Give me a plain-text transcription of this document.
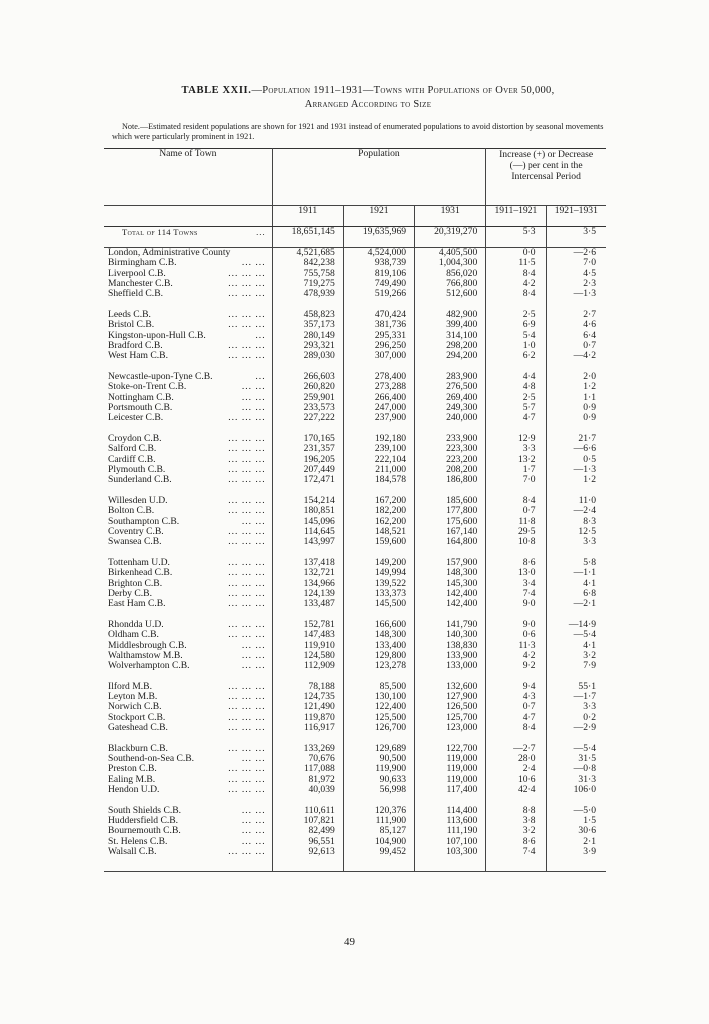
TABLE XXII.—Population 1911–1931—Towns with Populations of Over 50,000,
Arranged According to Size
Note.—Estimated resident populations are shown for 1921 and 1931 instead of enumerated populations to avoid distortion by seasonal movements which were particularly prominent in 1921.
Name of Town	Population			Increase (+) or Decrease (—) per cent in the Intercensal Period	
	1911	1921	1931	1911–1921	1921–1931

Total of 114 Towns ...	18,651,145	19,635,969	20,319,270	5·3	3·5

London, Administrative County	4,521,685	4,524,000	4,405,500	0·0	—2·6

Birmingham C.B. ... ...	842,238	938,739	1,004,300	11·5	7·0

Liverpool C.B. ... ... ...	755,758	819,106	856,020	8·4	4·5

Manchester C.B. ... ... ...	719,275	749,490	766,800	4·2	2·3

Sheffield C.B. ... ... ...	478,939	519,266	512,600	8·4	—1·3

Leeds C.B. ... ... ...	458,823	470,424	482,900	2·5	2·7

Bristol C.B. ... ... ...	357,173	381,736	399,400	6·9	4·6

Kingston-upon-Hull C.B. ...	280,149	295,331	314,100	5·4	6·4

Bradford C.B. ... ... ...	293,321	296,250	298,200	1·0	0·7

West Ham C.B. ... ... ...	289,030	307,000	294,200	6·2	—4·2

Newcastle-upon-Tyne C.B. ...	266,603	278,400	283,900	4·4	2·0

Stoke-on-Trent C.B. ... ...	260,820	273,288	276,500	4·8	1·2

Nottingham C.B. ... ...	259,901	266,400	269,400	2·5	1·1

Portsmouth C.B. ... ...	233,573	247,000	249,300	5·7	0·9

Leicester C.B. ... ... ...	227,222	237,900	240,000	4·7	0·9

Croydon C.B. ... ... ...	170,165	192,180	233,900	12·9	21·7

Salford C.B. ... ... ...	231,357	239,100	223,300	3·3	—6·6

Cardiff C.B. ... ... ...	196,205	222,104	223,200	13·2	0·5

Plymouth C.B. ... ... ...	207,449	211,000	208,200	1·7	—1·3

Sunderland C.B. ... ... ...	172,471	184,578	186,800	7·0	1·2

Willesden U.D. ... ... ...	154,214	167,200	185,600	8·4	11·0

Bolton C.B. ... ... ...	180,851	182,200	177,800	0·7	—2·4

Southampton C.B. ... ...	145,096	162,200	175,600	11·8	8·3

Coventry C.B. ... ... ...	114,645	148,521	167,140	29·5	12·5

Swansea C.B. ... ... ...	143,997	159,600	164,800	10·8	3·3

Tottenham U.D. ... ... ...	137,418	149,200	157,900	8·6	5·8

Birkenhead C.B. ... ... ...	132,721	149,994	148,300	13·0	—1·1

Brighton C.B. ... ... ...	134,966	139,522	145,300	3·4	4·1

Derby C.B. ... ... ...	124,139	133,373	142,400	7·4	6·8

East Ham C.B. ... ... ...	133,487	145,500	142,400	9·0	—2·1

Rhondda U.D. ... ... ...	152,781	166,600	141,790	9·0	—14·9

Oldham C.B. ... ... ...	147,483	148,300	140,300	0·6	—5·4

Middlesbrough C.B. ... ...	119,910	133,400	138,830	11·3	4·1

Walthamstow M.B. ... ...	124,580	129,800	133,900	4·2	3·2

Wolverhampton C.B. ... ...	112,909	123,278	133,000	9·2	7·9

Ilford M.B. ... ... ...	78,188	85,500	132,600	9·4	55·1

Leyton M.B. ... ... ...	124,735	130,100	127,900	4·3	—1·7

Norwich C.B. ... ... ...	121,490	122,400	126,500	0·7	3·3

Stockport C.B. ... ... ...	119,870	125,500	125,700	4·7	0·2

Gateshead C.B. ... ... ...	116,917	126,700	123,000	8·4	—2·9

Blackburn C.B. ... ... ...	133,269	129,689	122,700	—2·7	—5·4

Southend-on-Sea C.B. ... ...	70,676	90,500	119,000	28·0	31·5

Preston C.B. ... ... ...	117,088	119,900	119,000	2·4	—0·8

Ealing M.B. ... ... ...	81,972	90,633	119,000	10·6	31·3

Hendon U.D. ... ... ...	40,039	56,998	117,400	42·4	106·0

South Shields C.B. ... ...	110,611	120,376	114,400	8·8	—5·0

Huddersfield C.B. ... ...	107,821	111,900	113,600	3·8	1·5

Bournemouth C.B. ... ...	82,499	85,127	111,190	3·2	30·6

St. Helens C.B. ... ...	96,551	104,900	107,100	8·6	2·1

Walsall C.B. ... ... ...	92,613	99,452	103,300	7·4	3·9

49
